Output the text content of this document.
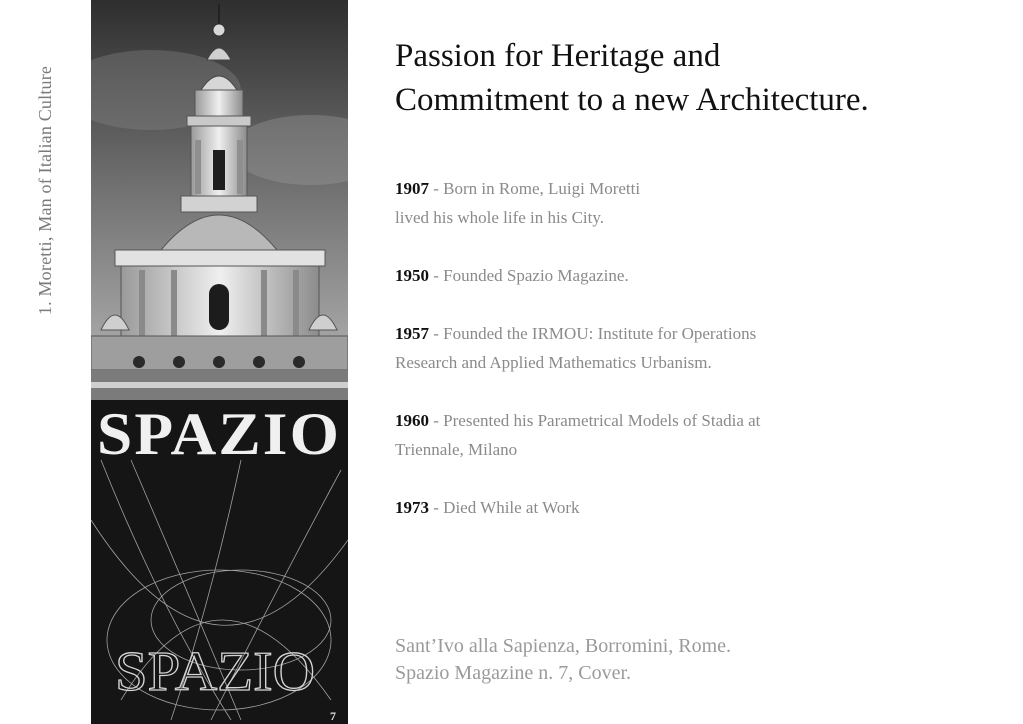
1. Moretti, Man of Italian Culture
SPAZIO
SPAZIO
7
Passion for Heritage and
Commitment to a new Architecture.
1907 - Born in Rome, Luigi Moretti
lived his whole life in his City.
1950 - Founded Spazio Magazine.
1957 - Founded the IRMOU: Institute for Operations
Research and Applied Mathematics Urbanism.
1960 - Presented his Parametrical Models of Stadia at
Triennale, Milano
1973 - Died While at Work
Sant’Ivo alla Sapienza, Borromini, Rome.
Spazio Magazine n. 7, Cover.
